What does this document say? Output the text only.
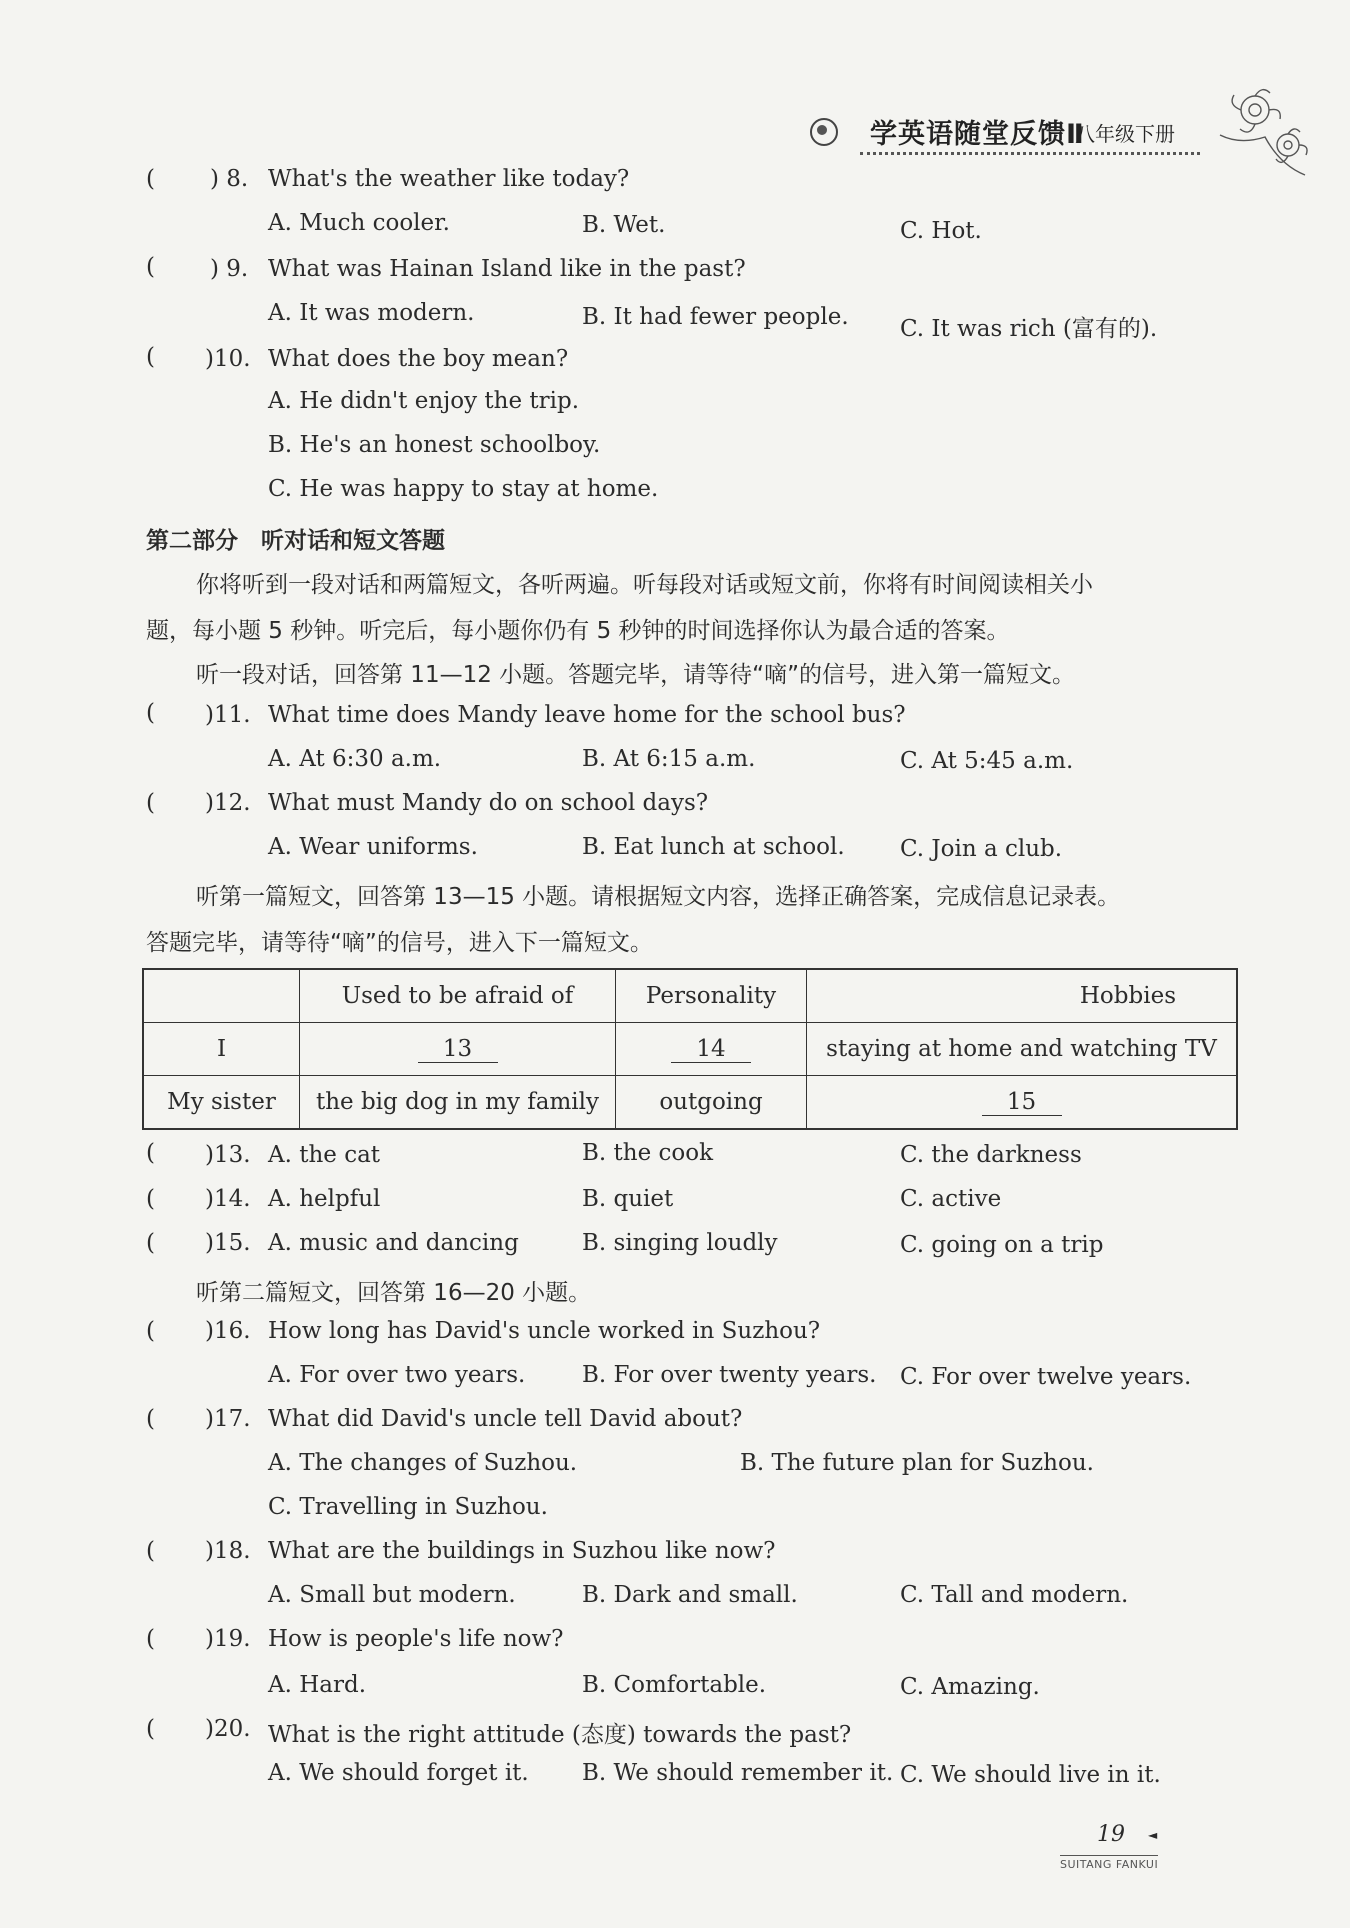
学英语随堂反馈Ⅱ
八年级下册
( ) 8. What's the weather like today?
A. Much cooler.	B. Wet.	C. Hot.
( ) 9. What was Hainan Island like in the past?
A. It was modern.	B. It had fewer people. C. It was rich (富有的).
( )10. What does the boy mean?
A. He didn't enjoy the trip.
B. He's an honest schoolboy.
C. He was happy to stay at home.
第二部分　听对话和短文答题
你将听到一段对话和两篇短文，各听两遍。听每段对话或短文前，你将有时间阅读相关小
题，每小题 5 秒钟。听完后，每小题你仍有 5 秒钟的时间选择你认为最合适的答案。
听一段对话，回答第 11—12 小题。答题完毕，请等待“嘀”的信号，进入第一篇短文。
( )11. What time does Mandy leave home for the school bus?
A. At 6:30 a.m.	B. At 6:15 a.m.	C. At 5:45 a.m.
( )12. What must Mandy do on school days?
A. Wear uniforms.	B. Eat lunch at school. C. Join a club.
听第一篇短文，回答第 13—15 小题。请根据短文内容，选择正确答案，完成信息记录表。
答题完毕，请等待“嘀”的信号，进入下一篇短文。
	Used to be afraid of	Personality	Hobbies
I	13	14	staying at home and watching TV
My sister	the big dog in my family	outgoing	15
( )13. A. the cat	B. the cook	C. the darkness
( )14. A. helpful	B. quiet	C. active
( )15. A. music and dancing	B. singing loudly	C. going on a trip
听第二篇短文，回答第 16—20 小题。
( )16. How long has David's uncle worked in Suzhou?
A. For over two years. B. For over twenty years. C. For over twelve years.
( )17. What did David's uncle tell David about?
A. The changes of Suzhou.	B. The future plan for Suzhou.
C. Travelling in Suzhou.
( )18. What are the buildings in Suzhou like now?
A. Small but modern.	B. Dark and small.	C. Tall and modern.
( )19. How is people's life now?
A. Hard.	B. Comfortable.	C. Amazing.
( )20. What is the right attitude (态度) towards the past?
A. We should forget it. B. We should remember it. C. We should live in it.
19 ◄
SUITANG FANKUI
